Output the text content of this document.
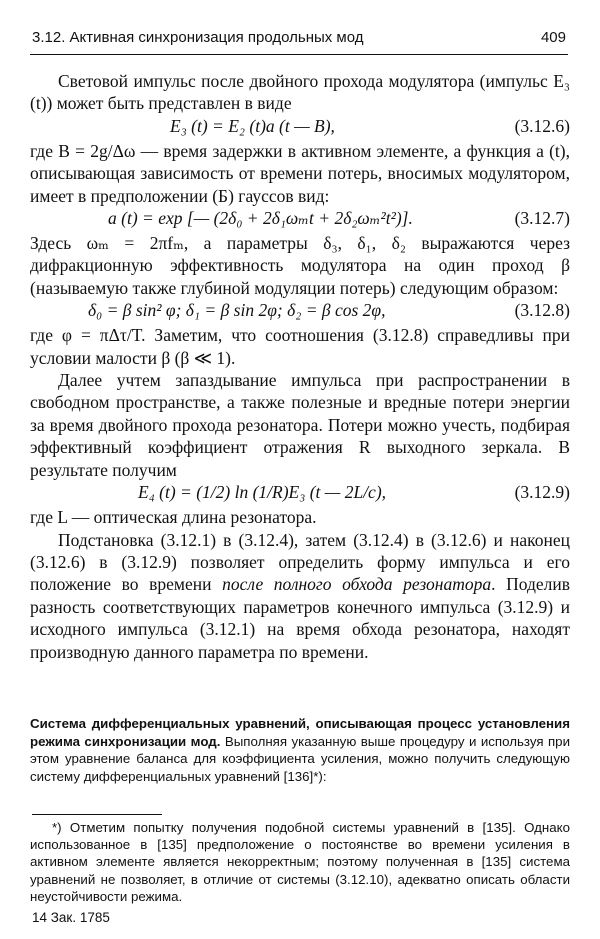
3.12. Активная синхронизация продольных мод	409

Световой импульс после двойного прохода модулятора (импульс E₃ (t)) может быть представлен в виде

E₃ (t) = E₂ (t)a (t — B),	(3.12.6)

где B = 2g/Δω — время задержки в активном элементе, а функция a (t), описывающая зависимость от времени потерь, вносимых модулятором, имеет в предположении (Б) гауссов вид:

a (t) = exp [— (2δ₀ + 2δ₁ωₘt + 2δ₂ωₘ²t²)].	(3.12.7)

Здесь ωₘ = 2πfₘ, а параметры δ₃, δ₁, δ₂ выражаются через дифракционную эффективность модулятора на один проход β (называемую также глубиной модуляции потерь) следующим образом:

δ₀ = β sin² φ; δ₁ = β sin 2φ; δ₂ = β cos 2φ,	(3.12.8)

где φ = πΔτ/T. Заметим, что соотношения (3.12.8) справедливы при условии малости β (β ≪ 1).

Далее учтем запаздывание импульса при распространении в свободном пространстве, а также полезные и вредные потери энергии за время двойного прохода резонатора. Потери можно учесть, подбирая эффективный коэффициент отражения R выходного зеркала. В результате получим

E₄ (t) = (1/2) ln (1/R)E₃ (t — 2L/c),	(3.12.9)

где L — оптическая длина резонатора.

Подстановка (3.12.1) в (3.12.4), затем (3.12.4) в (3.12.6) и наконец (3.12.6) в (3.12.9) позволяет определить форму импульса и его положение во времени после полного обхода резонатора. Поделив разность соответствующих параметров конечного импульса (3.12.9) и исходного импульса (3.12.1) на время обхода резонатора, находят производную данного параметра по времени.

Система дифференциальных уравнений, описывающая процесс установления режима синхронизации мод. Выполняя указанную выше процедуру и используя при этом уравнение баланса для коэффициента усиления, можно получить следующую систему дифференциальных уравнений [136]*):

*) Отметим попытку получения подобной системы уравнений в [135]. Однако использованное в [135] предположение о постоянстве во времени усиления в активном элементе является некорректным; поэтому полученная в [135] система уравнений не позволяет, в отличие от системы (3.12.10), адекватно описать области неустойчивости режима.

14 Зак. 1785
